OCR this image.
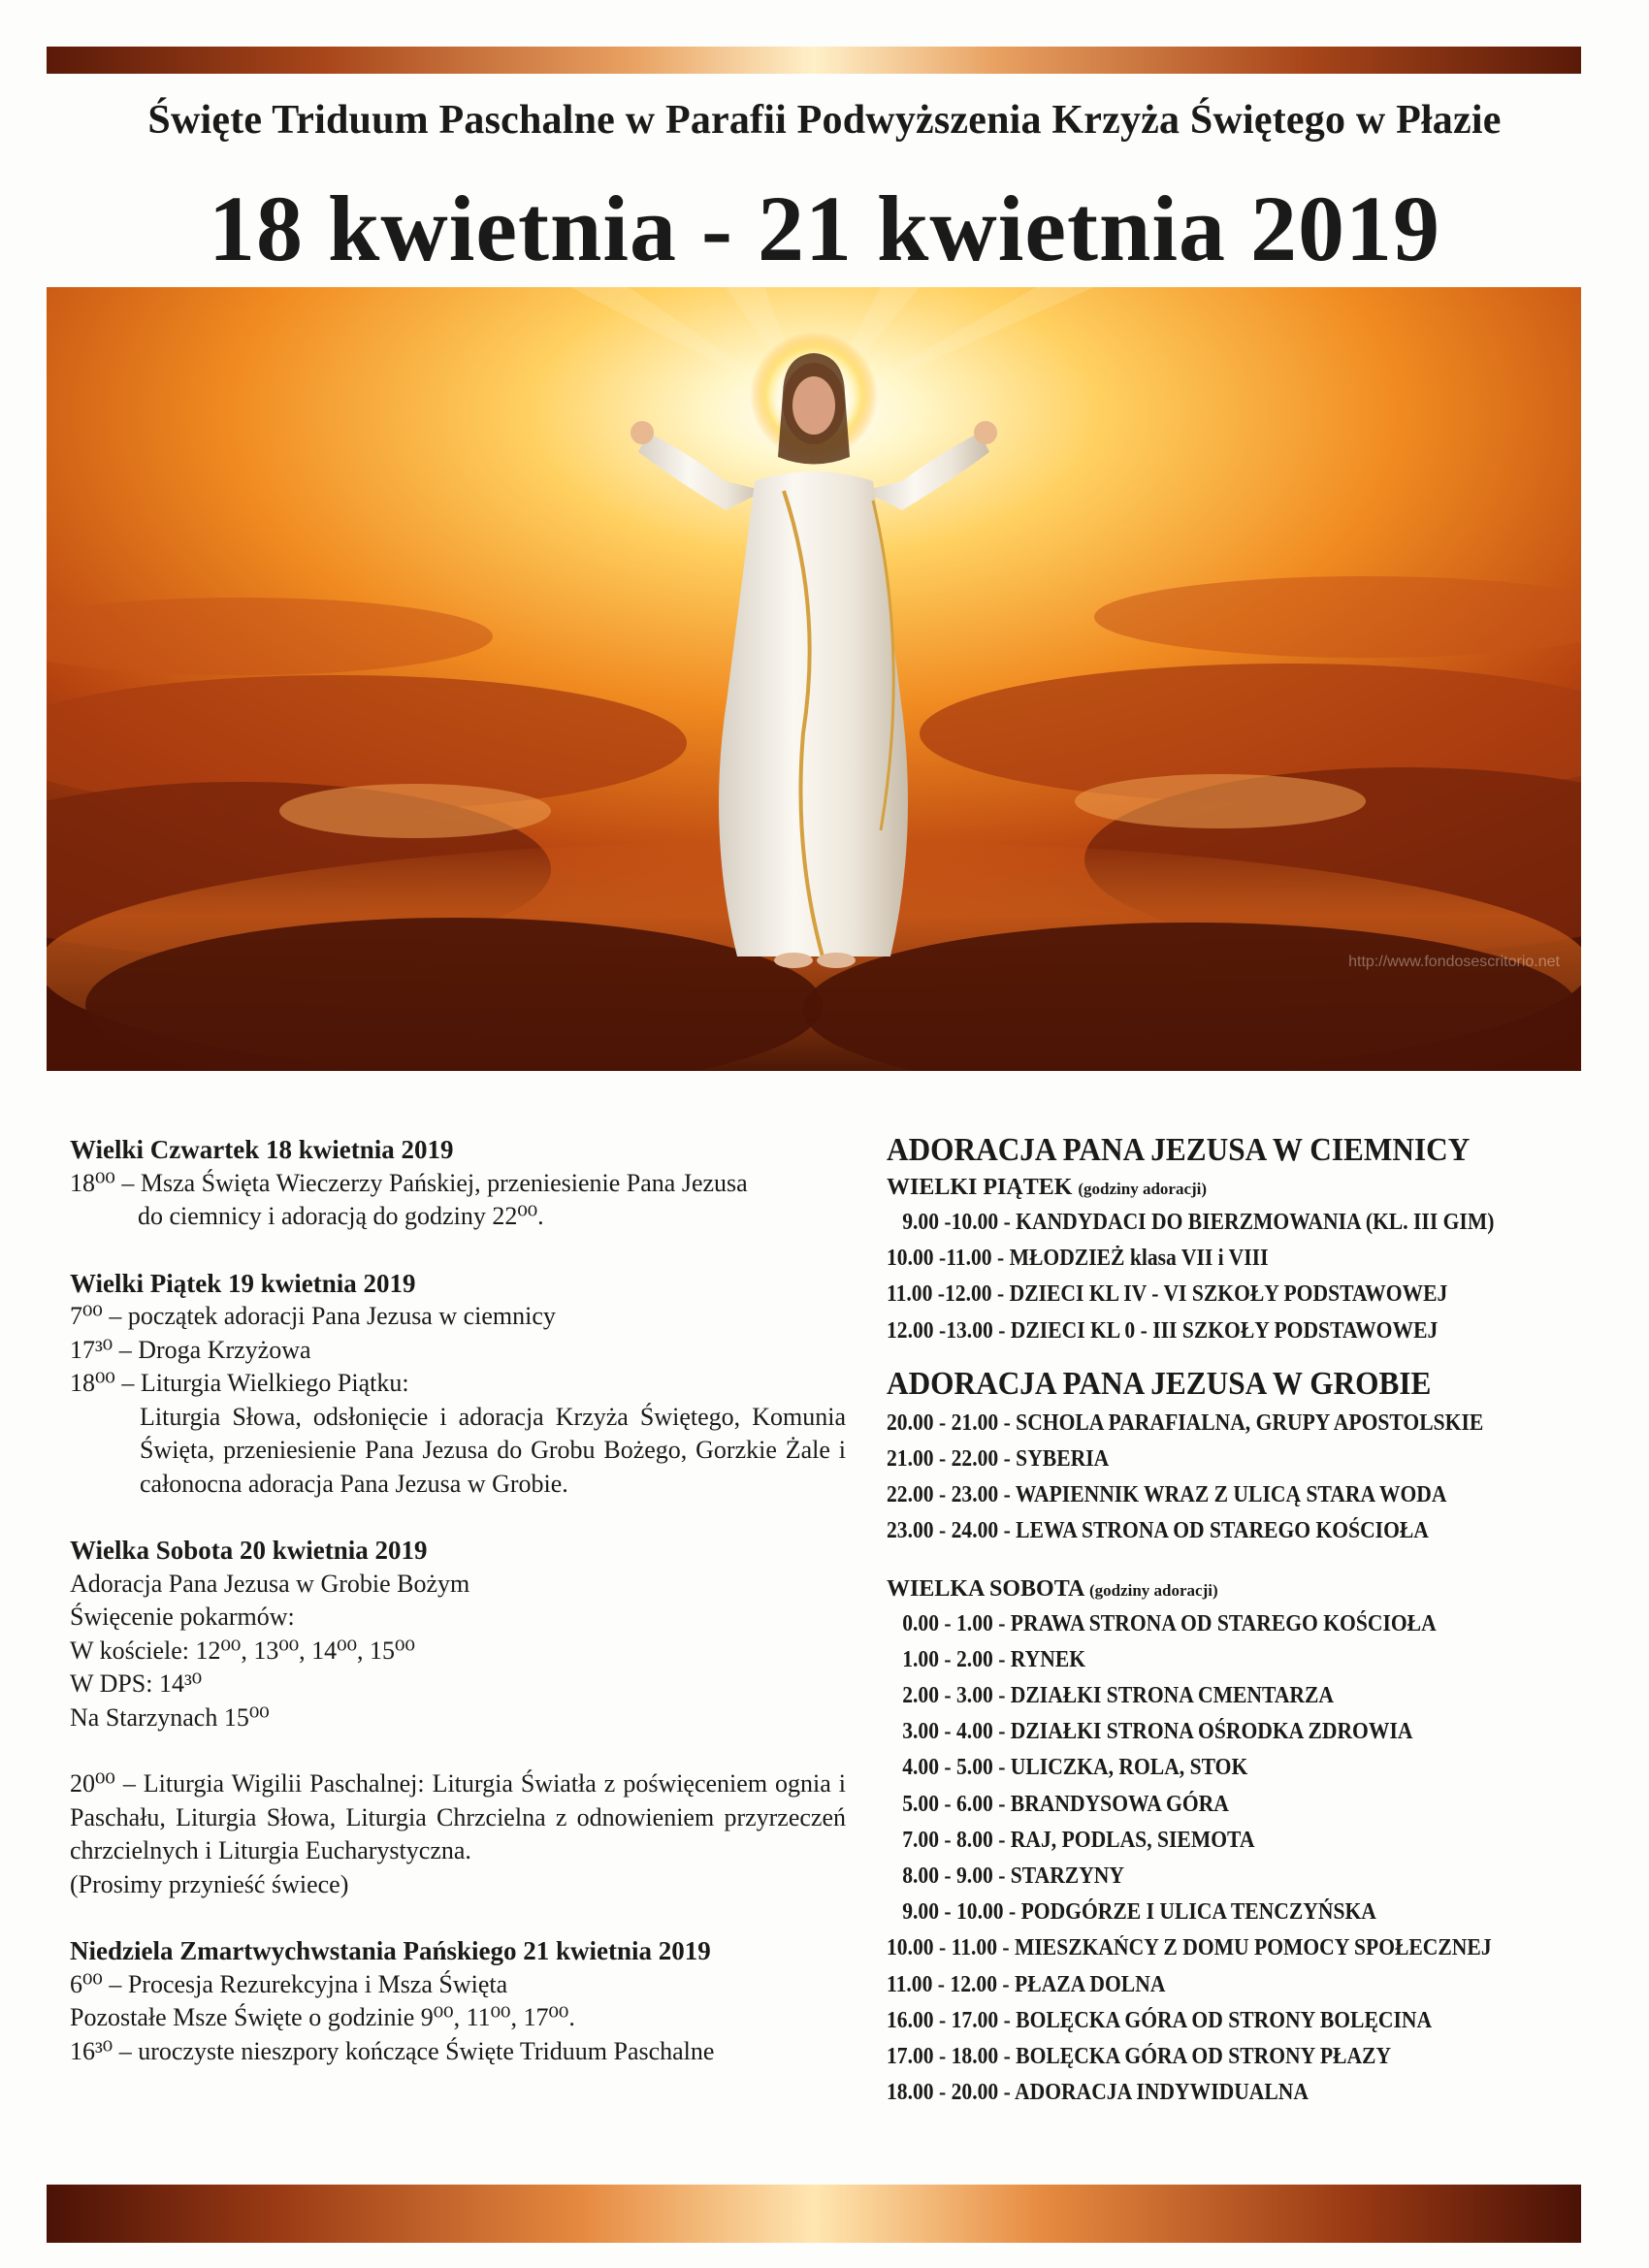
Święte Triduum Paschalne w Parafii Podwyższenia Krzyża Świętego w Płazie
18 kwietnia - 21 kwietnia 2019
http://www.fondosescritorio.net
Wielki Czwartek 18 kwietnia 2019
18⁰⁰ – Msza Święta Wieczerzy Pańskiej, przeniesienie Pana Jezusa
do ciemnicy i adoracją do godziny 22⁰⁰.
Wielki Piątek 19 kwietnia 2019
7⁰⁰ – początek adoracji Pana Jezusa w ciemnicy
17³⁰ – Droga Krzyżowa
18⁰⁰ – Liturgia Wielkiego Piątku:
Liturgia Słowa, odsłonięcie i adoracja Krzyża Świętego, Komunia Święta, przeniesienie Pana Jezusa do Grobu Bożego, Gorzkie Żale i całonocna adoracja Pana Jezusa w Grobie.
Wielka Sobota 20 kwietnia 2019
Adoracja Pana Jezusa w Grobie Bożym
Święcenie pokarmów:
W kościele: 12⁰⁰, 13⁰⁰, 14⁰⁰, 15⁰⁰
W DPS: 14³⁰
Na Starzynach 15⁰⁰
20⁰⁰ – Liturgia Wigilii Paschalnej: Liturgia Światła z poświęceniem ognia i Paschału, Liturgia Słowa, Liturgia Chrzcielna z odnowieniem przyrzeczeń chrzcielnych i Liturgia Eucharystyczna.
(Prosimy przynieść świece)
Niedziela Zmartwychwstania Pańskiego 21 kwietnia 2019
6⁰⁰ – Procesja Rezurekcyjna i Msza Święta
Pozostałe Msze Święte o godzinie 9⁰⁰, 11⁰⁰, 17⁰⁰.
16³⁰ – uroczyste nieszpory kończące Święte Triduum Paschalne
ADORACJA PANA JEZUSA W CIEMNICY
WIELKI PIĄTEK (godziny adoracji)
9.00 -10.00 - KANDYDACI DO BIERZMOWANIA (KL. III GIM)
10.00 -11.00 - MŁODZIEŻ klasa VII i VIII
11.00 -12.00 - DZIECI KL IV - VI SZKOŁY PODSTAWOWEJ
12.00 -13.00 - DZIECI KL 0 - III SZKOŁY PODSTAWOWEJ
ADORACJA PANA JEZUSA W GROBIE
20.00 - 21.00 - SCHOLA PARAFIALNA, GRUPY APOSTOLSKIE
21.00 - 22.00 - SYBERIA
22.00 - 23.00 - WAPIENNIK WRAZ Z ULICĄ STARA WODA
23.00 - 24.00 - LEWA STRONA OD STAREGO KOŚCIOŁA
WIELKA SOBOTA (godziny adoracji)
0.00 - 1.00 - PRAWA STRONA OD STAREGO KOŚCIOŁA
1.00 - 2.00 - RYNEK
2.00 - 3.00 - DZIAŁKI STRONA CMENTARZA
3.00 - 4.00 - DZIAŁKI STRONA OŚRODKA ZDROWIA
4.00 - 5.00 - ULICZKA, ROLA, STOK
5.00 - 6.00 - BRANDYSOWA GÓRA
7.00 - 8.00 - RAJ, PODLAS, SIEMOTA
8.00 - 9.00 - STARZYNY
9.00 - 10.00 - PODGÓRZE I ULICA TENCZYŃSKA
10.00 - 11.00 - MIESZKAŃCY Z DOMU POMOCY SPOŁECZNEJ
11.00 - 12.00 - PŁAZA DOLNA
16.00 - 17.00 - BOLĘCKA GÓRA OD STRONY BOLĘCINA
17.00 - 18.00 - BOLĘCKA GÓRA OD STRONY PŁAZY
18.00 - 20.00 - ADORACJA INDYWIDUALNA
